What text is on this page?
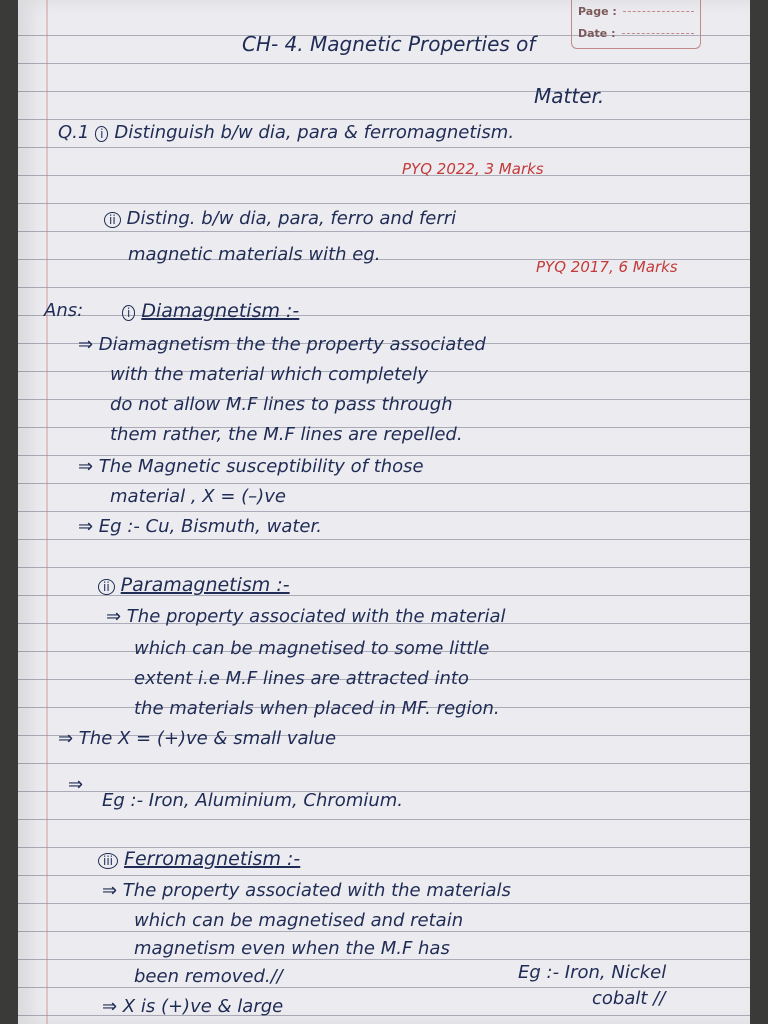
Page :
Date :
CH- 4. Magnetic Properties of
Matter.
Q.1 i Distinguish b/w dia, para & ferromagnetism.
PYQ 2022, 3 Marks
ii Disting. b/w dia, para, ferro and ferri
magnetic materials with eg.
PYQ 2017, 6 Marks
Ans:	i Diamagnetism :-
⇒ Diamagnetism the the property associated
with the material which completely
do not allow M.F lines to pass through
them rather, the M.F lines are repelled.
⇒ The Magnetic susceptibility of those
material , X = (–)ve
⇒ Eg :- Cu, Bismuth, water.
ii Paramagnetism :-
⇒ The property associated with the material
which can be magnetised to some little
extent i.e M.F lines are attracted into
the materials when placed in MF. region.
⇒ The X = (+)ve & small value
⇒
Eg :- Iron, Aluminium, Chromium.
iii Ferromagnetism :-
⇒ The property associated with the materials
which can be magnetised and retain
magnetism even when the M.F has
been removed.//	Eg :- Iron, Nickel
cobalt //
⇒ X is (+)ve & large
